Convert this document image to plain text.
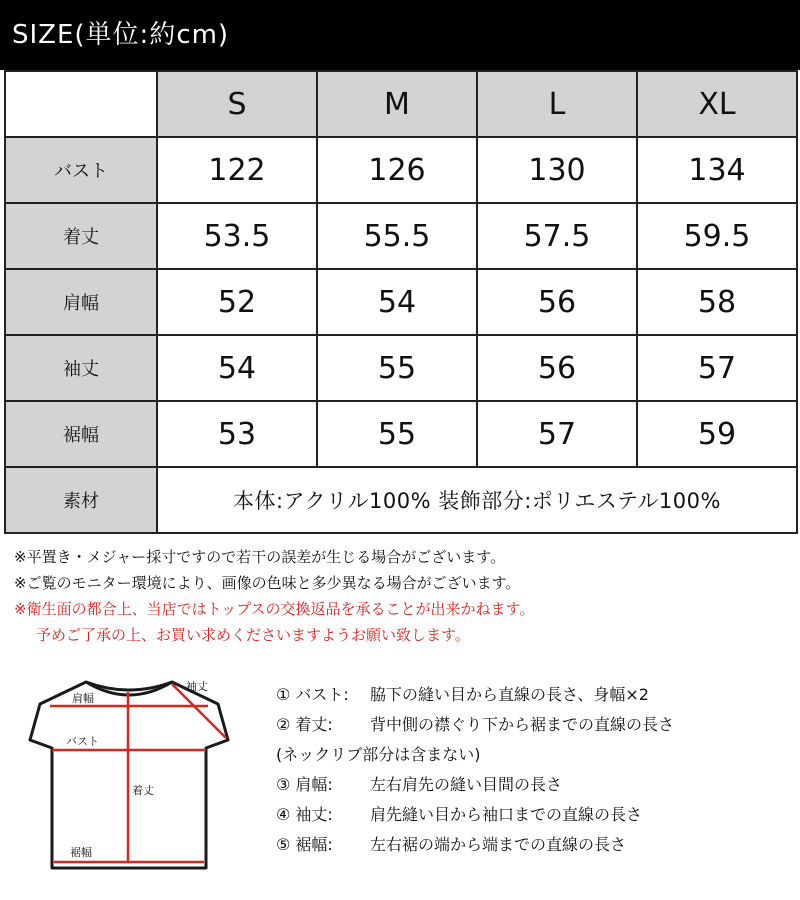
SIZE(単位:約cm)
	S	M	L	XL
バスト	122	126	130	134
着丈	53.5	55.5	57.5	59.5
肩幅	52	54	56	58
袖丈	54	55	56	57
裾幅	53	55	57	59
素材	本体:アクリル100% 装飾部分:ポリエステル100%			
※平置き・メジャー採寸ですので若干の誤差が生じる場合がございます。
※ご覧のモニター環境により、画像の色味と多少異なる場合がございます。
※衛生面の都合上、当店ではトップスの交換返品を承ることが出来かねます。
予めご了承の上、お買い求めくださいますようお願い致します。
肩幅
バスト
着丈
裾幅
袖丈	① バスト:	脇下の縫い目から直線の長さ、身幅×2
② 着丈:	背中側の襟ぐり下から裾までの直線の長さ
(ネックリブ部分は含まない)
③ 肩幅:	左右肩先の縫い目間の長さ
④ 袖丈:	肩先縫い目から袖口までの直線の長さ
⑤ 裾幅:	左右裾の端から端までの直線の長さ
